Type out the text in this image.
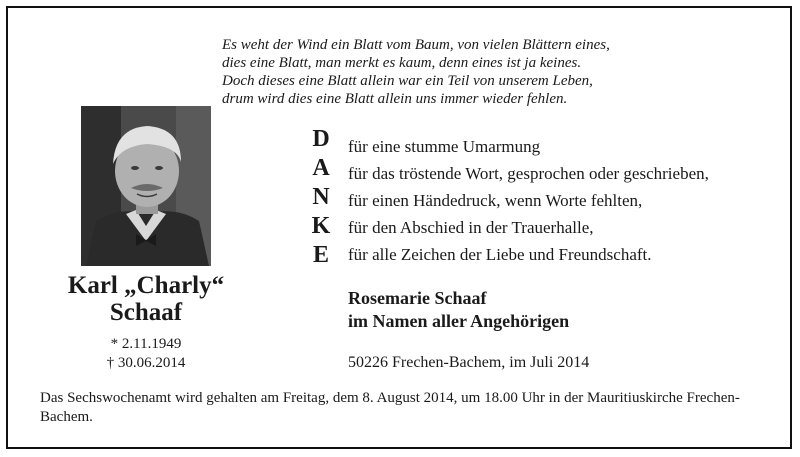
Es weht der Wind ein Blatt vom Baum, von vielen Blättern eines,
dies eine Blatt, man merkt es kaum, denn eines ist ja keines.
Doch dieses eine Blatt allein war ein Teil von unserem Leben,
drum wird dies eine Blatt allein uns immer wieder fehlen.
Karl „Charly“
Schaaf
* 2.11.1949
† 30.06.2014
D
A
N
K
E
für eine stumme Umarmung
für das tröstende Wort, gesprochen oder geschrieben,
für einen Händedruck, wenn Worte fehlten,
für den Abschied in der Trauerhalle,
für alle Zeichen der Liebe und Freundschaft.
Rosemarie Schaaf
im Namen aller Angehörigen
50226 Frechen-Bachem, im Juli 2014
Das Sechswochenamt wird gehalten am Freitag, dem 8. August 2014, um 18.00 Uhr in der Mauritiuskirche Frechen-Bachem.
